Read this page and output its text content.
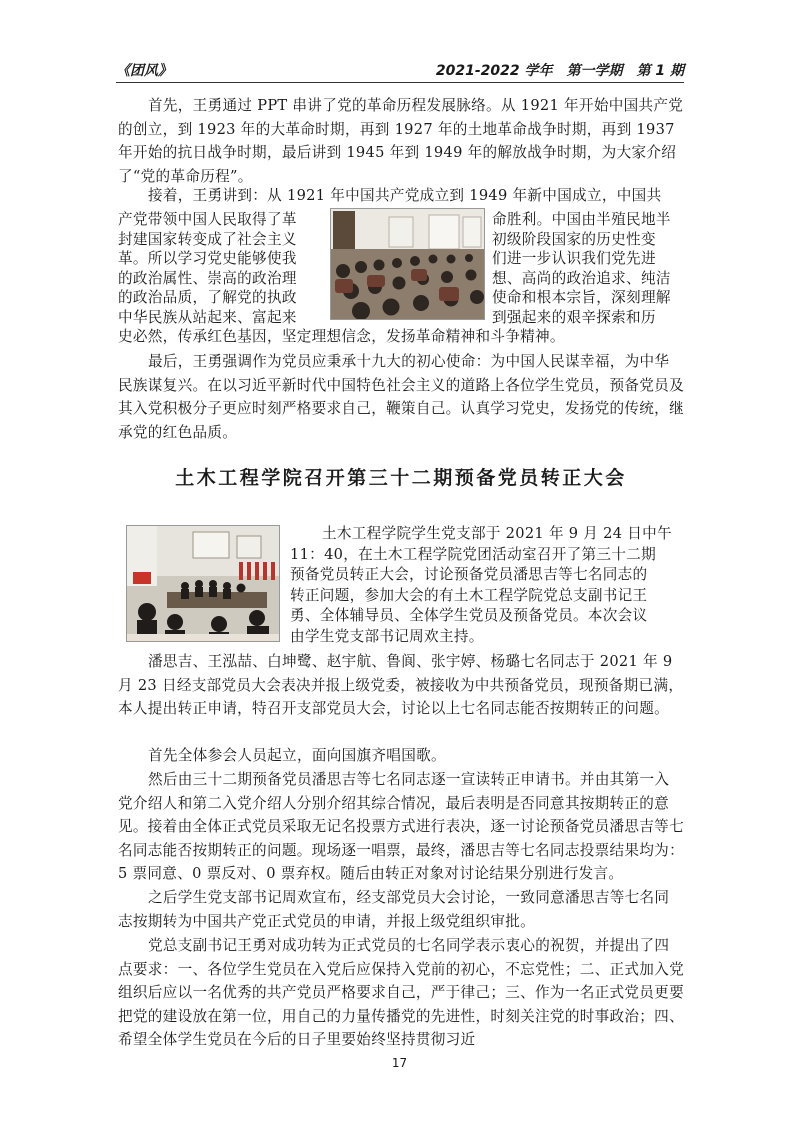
《团风》	2021-2022 学年　第一学期　第 1 期

首先，王勇通过 PPT 串讲了党的革命历程发展脉络。从 1921 年开始中国共产党的创立，到 1923 年的大革命时期，再到 1927 年的土地革命战争时期，再到 1937 年开始的抗日战争时期，最后讲到 1945 年到 1949 年的解放战争时期，为大家介绍了“党的革命历程”。

接着，王勇讲到：从 1921 年中国共产党成立到 1949 年新中国成立，中国共
产党带领中国人民取得了革	命胜利。中国由半殖民地半
封建国家转变成了社会主义	初级阶段国家的历史性变
革。所以学习党史能够使我	们进一步认识我们党先进
的政治属性、崇高的政治理	想、高尚的政治追求、纯洁
的政治品质，了解党的执政	使命和根本宗旨，深刻理解
中华民族从站起来、富起来	到强起来的艰辛探索和历
史必然，传承红色基因，坚定理想信念，发扬革命精神和斗争精神。

最后，王勇强调作为党员应秉承十九大的初心使命：为中国人民谋幸福，为中华民族谋复兴。在以习近平新时代中国特色社会主义的道路上各位学生党员，预备党员及其入党积极分子更应时刻严格要求自己，鞭策自己。认真学习党史，发扬党的传统，继承党的红色品质。

土木工程学院召开第三十二期预备党员转正大会
土木工程学院学生党支部于 2021 年 9 月 24 日中午
11：40，在土木工程学院党团活动室召开了第三十二期
预备党员转正大会，讨论预备党员潘思吉等七名同志的
转正问题，参加大会的有土木工程学院党总支副书记王
勇、全体辅导员、全体学生党员及预备党员。本次会议
由学生党支部书记周欢主持。

潘思吉、王泓喆、白坤鹭、赵宇航、鲁阆、张宇婷、杨璐七名同志于 2021 年 9 月 23 日经支部党员大会表决并报上级党委，被接收为中共预备党员，现预备期已满，本人提出转正申请，特召开支部党员大会，讨论以上七名同志能否按期转正的问题。

首先全体参会人员起立，面向国旗齐唱国歌。

然后由三十二期预备党员潘思吉等七名同志逐一宣读转正申请书。并由其第一入党介绍人和第二入党介绍人分别介绍其综合情况，最后表明是否同意其按期转正的意见。接着由全体正式党员采取无记名投票方式进行表决，逐一讨论预备党员潘思吉等七名同志能否按期转正的问题。现场逐一唱票，最终，潘思吉等七名同志投票结果均为：5 票同意、0 票反对、0 票弃权。随后由转正对象对讨论结果分别进行发言。

之后学生党支部书记周欢宣布，经支部党员大会讨论，一致同意潘思吉等七名同志按期转为中国共产党正式党员的申请，并报上级党组织审批。

党总支副书记王勇对成功转为正式党员的七名同学表示衷心的祝贺，并提出了四点要求：一、各位学生党员在入党后应保持入党前的初心，不忘党性；二、正式加入党组织后应以一名优秀的共产党员严格要求自己，严于律己；三、作为一名正式党员更要把党的建设放在第一位，用自己的力量传播党的先进性，时刻关注党的时事政治；四、希望全体学生党员在今后的日子里要始终坚持贯彻习近

17
